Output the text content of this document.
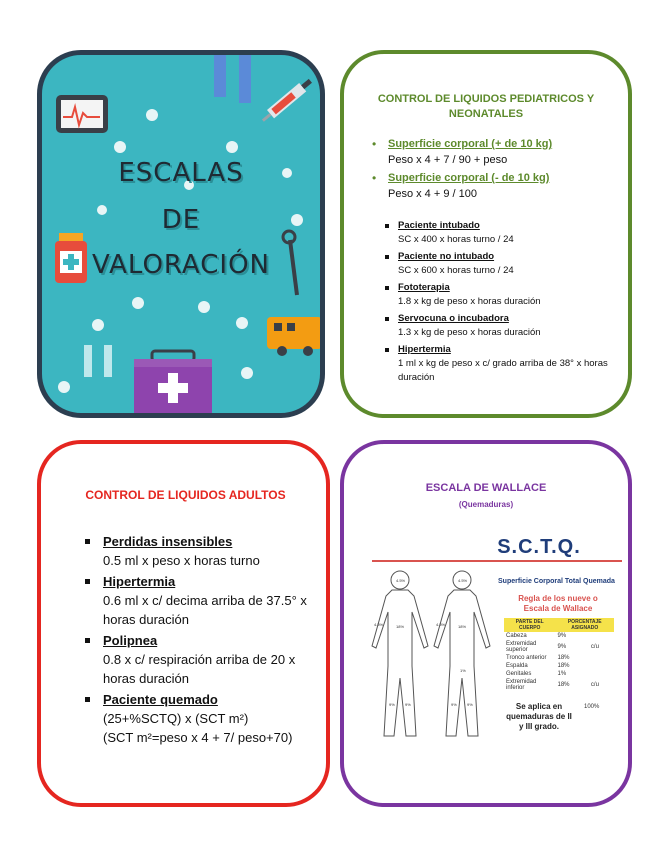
ESCALAS
DE
VALORACIÓN
CONTROL DE LIQUIDOS PEDIATRICOS Y NEONATALES
• Superficie corporal (+ de 10 kg)
Peso x 4 + 7 / 90 + peso
• Superficie corporal (- de 10 kg)
Peso x 4 + 9 / 100
Paciente intubado
SC x 400 x horas turno / 24
Paciente no intubado
SC x 600 x horas turno / 24
Fototerapia
1.8 x kg de peso x horas duración
Servocuna o incubadora
1.3 x kg de peso x horas duración
Hipertermia
1 ml x kg de peso x c/ grado arriba de 38° x horas duración
CONTROL DE LIQUIDOS ADULTOS
Perdidas insensibles
0.5 ml x peso x horas turno
Hipertermia
0.6 ml x c/ decima arriba de 37.5° x horas duración
Polipnea
0.8 x c/ respiración arriba de 20 x horas duración
Paciente quemado
(25+%SCTQ) x (SCT m²)
(SCT m²=peso x 4 + 7/ peso+70)
ESCALA DE WALLACE
(Quemaduras)
S.C.T.Q.
4.5%	4.5%
18%	18%
4.5%	4.5%
9%	9%	9%	9%
1%
Superficie Corporal Total Quemada
Regla de los nueve o Escala de Wallace
PARTE DEL CUERPO	PORCENTAJE ASIGNADO	
Cabeza	9%	
Extremidad superior	9%	c/u
Tronco anterior	18%	
Espalda	18%	
Genitales	1%	
Extremidad inferior	18%	c/u
Se aplica en quemaduras de II y III grado.
100%
